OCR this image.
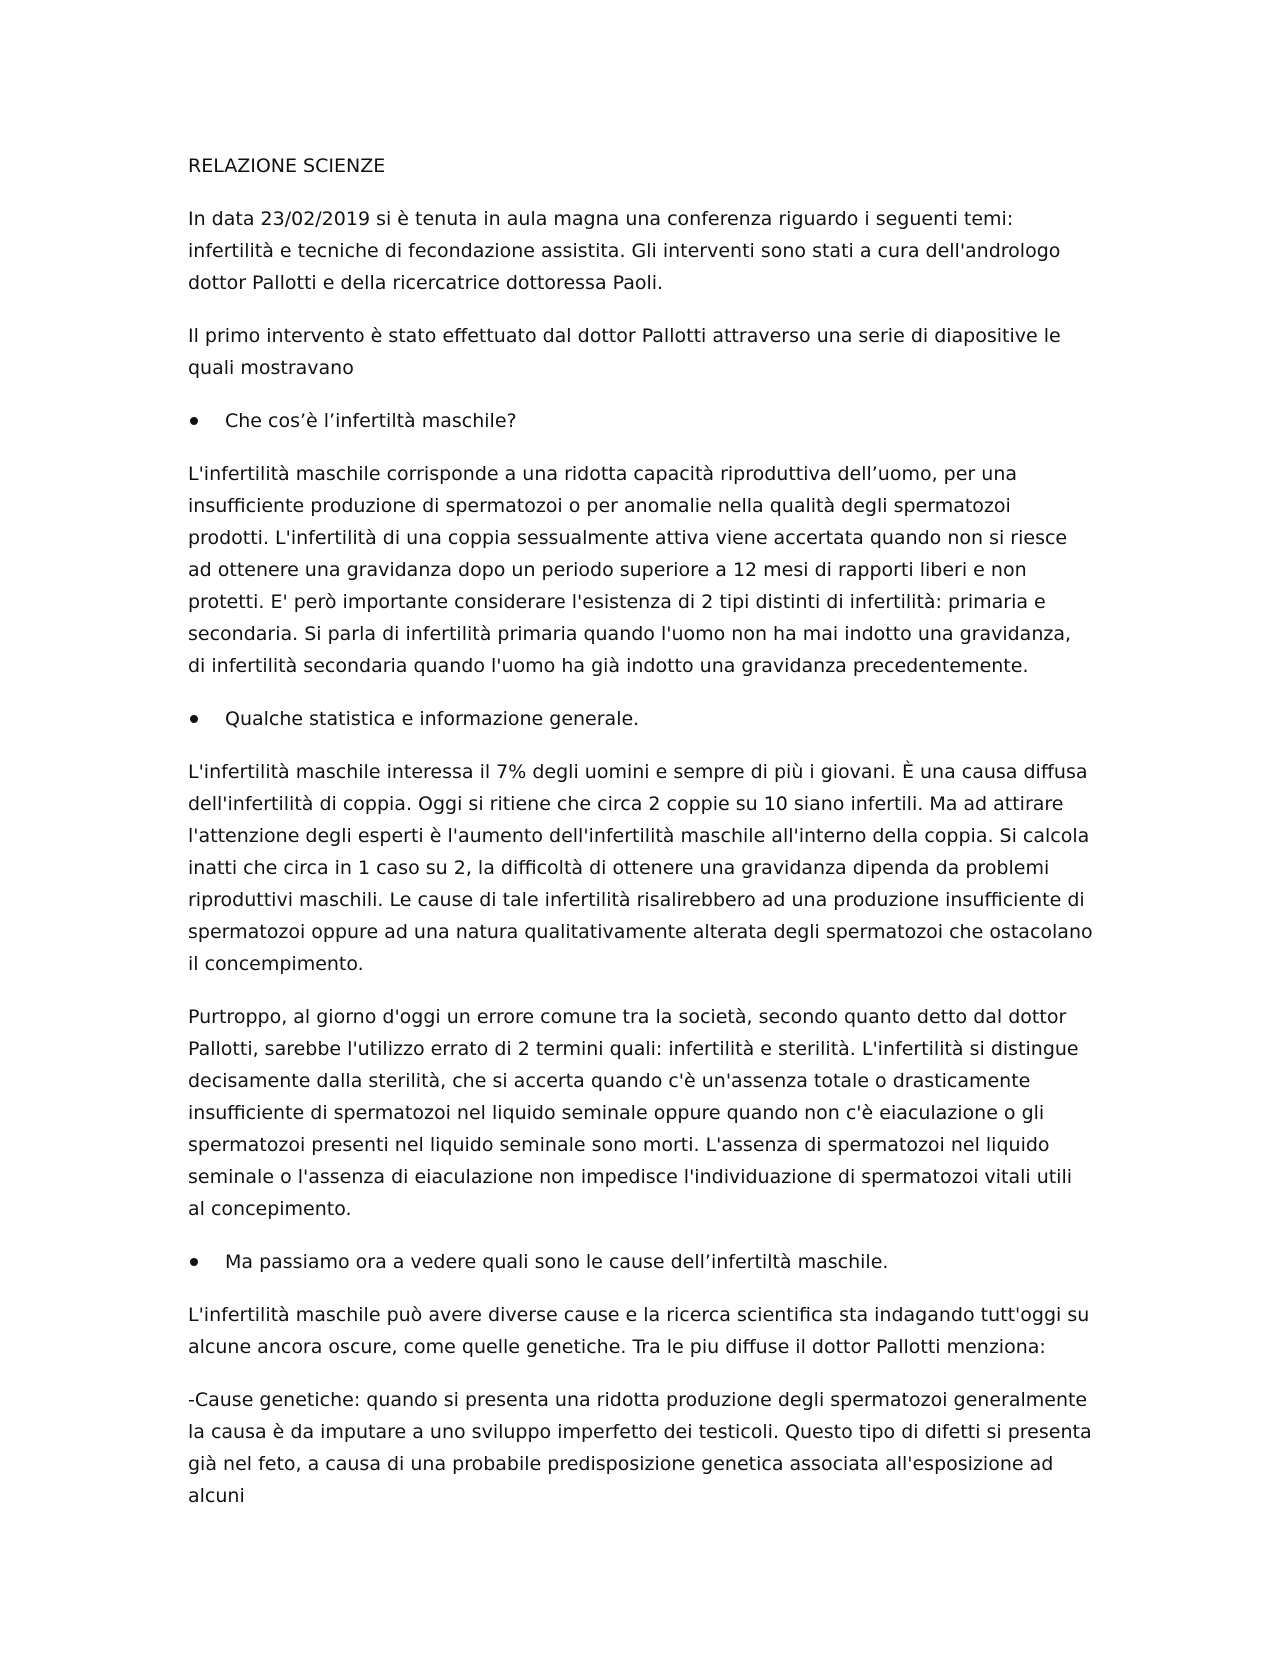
RELAZIONE SCIENZE

In data 23/02/2019 si è tenuta in aula magna una conferenza riguardo i seguenti temi: infertilità e tecniche di fecondazione assistita. Gli interventi sono stati a cura dell'andrologo dottor Pallotti e della ricercatrice dottoressa Paoli.

Il primo intervento è stato effettuato dal dottor Pallotti attraverso una serie di diapositive le quali mostravano

Che cos’è l’infertiltà maschile?

L'infertilità maschile corrisponde a una ridotta capacità riproduttiva dell’uomo, per una insufficiente produzione di spermatozoi o per anomalie nella qualità degli spermatozoi prodotti. L'infertilità di una coppia sessualmente attiva viene accertata quando non si riesce ad ottenere una gravidanza dopo un periodo superiore a 12 mesi di rapporti liberi e non protetti. E' però importante considerare l'esistenza di 2 tipi distinti di infertilità: primaria e secondaria. Si parla di infertilità primaria quando l'uomo non ha mai indotto una gravidanza, di infertilità secondaria quando l'uomo ha già indotto una gravidanza precedentemente.

Qualche statistica e informazione generale.

L'infertilità maschile interessa il 7% degli uomini e sempre di più i giovani. È una causa diffusa dell'infertilità di coppia. Oggi si ritiene che circa 2 coppie su 10 siano infertili. Ma ad attirare l'attenzione degli esperti è l'aumento dell'infertilità maschile all'interno della coppia. Si calcola inatti che circa in 1 caso su 2, la difficoltà di ottenere una gravidanza dipenda da problemi riproduttivi maschili. Le cause di tale infertilità risalirebbero ad una produzione insufficiente di spermatozoi oppure ad una natura qualitativamente alterata degli spermatozoi che ostacolano il concempimento.

Purtroppo, al giorno d'oggi un errore comune tra la società, secondo quanto detto dal dottor Pallotti, sarebbe l'utilizzo errato di 2 termini quali: infertilità e sterilità. L'infertilità si distingue decisamente dalla sterilità, che si accerta quando c'è un'assenza totale o drasticamente insufficiente di spermatozoi nel liquido seminale oppure quando non c'è eiaculazione o gli spermatozoi presenti nel liquido seminale sono morti. L'assenza di spermatozoi nel liquido seminale o l'assenza di eiaculazione non impedisce l'individuazione di spermatozoi vitali utili al concepimento.

Ma passiamo ora a vedere quali sono le cause dell’infertiltà maschile.

L'infertilità maschile può avere diverse cause e la ricerca scientifica sta indagando tutt'oggi su alcune ancora oscure, come quelle genetiche. Tra le piu diffuse il dottor Pallotti menziona:

-Cause genetiche: quando si presenta una ridotta produzione degli spermatozoi generalmente la causa è da imputare a uno sviluppo imperfetto dei testicoli. Questo tipo di difetti si presenta già nel feto, a causa di una probabile predisposizione genetica associata all'esposizione ad alcuni
